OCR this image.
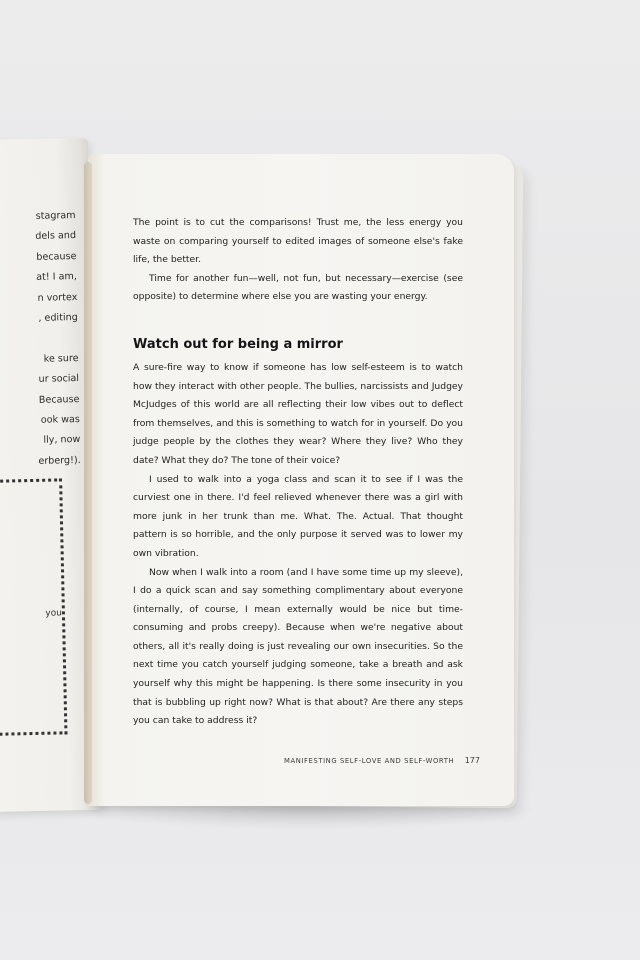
stagram
dels and
because
at! I am,
n vortex
, editing

ke sure
ur social
Because
ook was
lly, now
erberg!).
you

The point is to cut the comparisons! Trust me, the less energy you waste on comparing yourself to edited images of someone else's fake life, the better.

Time for another fun—well, not fun, but necessary—exercise (see opposite) to determine where else you are wasting your energy.

Watch out for being a mirror

A sure-fire way to know if someone has low self-esteem is to watch how they interact with other people. The bullies, narcissists and Judgey McJudges of this world are all reflecting their low vibes out to deflect from themselves, and this is something to watch for in yourself. Do you judge people by the clothes they wear? Where they live? Who they date? What they do? The tone of their voice?

I used to walk into a yoga class and scan it to see if I was the curviest one in there. I'd feel relieved whenever there was a girl with more junk in her trunk than me. What. The. Actual. That thought pattern is so horrible, and the only purpose it served was to lower my own vibration.

Now when I walk into a room (and I have some time up my sleeve), I do a quick scan and say something complimentary about everyone (internally, of course, I mean externally would be nice but time-consuming and probs creepy). Because when we're negative about others, all it's really doing is just revealing our own insecurities. So the next time you catch yourself judging someone, take a breath and ask yourself why this might be happening. Is there some insecurity in you that is bubbling up right now? What is that about? Are there any steps you can take to address it?

MANIFESTING SELF-LOVE AND SELF-WORTH 177
